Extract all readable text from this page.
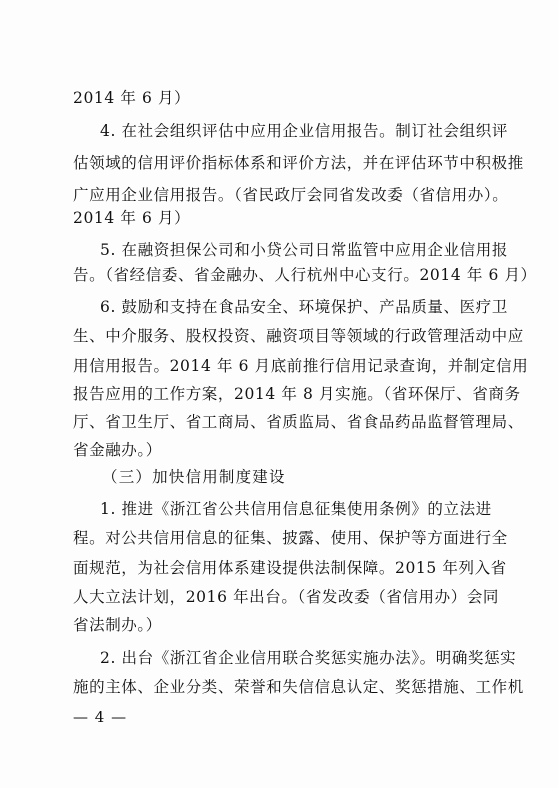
2014 年 6 月）
4. 在社会组织评估中应用企业信用报告。制订社会组织评
估领域的信用评价指标体系和评价方法，并在评估环节中积极推
广应用企业信用报告。（省民政厅会同省发改委（省信用办）。
2014 年 6 月）
5. 在融资担保公司和小贷公司日常监管中应用企业信用报
告。（省经信委、省金融办、人行杭州中心支行。2014 年 6 月）
6. 鼓励和支持在食品安全、环境保护、产品质量、医疗卫
生、中介服务、股权投资、融资项目等领域的行政管理活动中应
用信用报告。2014 年 6 月底前推行信用记录查询，并制定信用
报告应用的工作方案，2014 年 8 月实施。（省环保厅、省商务
厅、省卫生厅、省工商局、省质监局、省食品药品监督管理局、
省金融办。）
（三）加快信用制度建设
1. 推进《浙江省公共信用信息征集使用条例》的立法进
程。对公共信用信息的征集、披露、使用、保护等方面进行全
面规范，为社会信用体系建设提供法制保障。2015 年列入省
人大立法计划，2016 年出台。（省发改委（省信用办）会同
省法制办。）
2. 出台《浙江省企业信用联合奖惩实施办法》。明确奖惩实
施的主体、企业分类、荣誉和失信信息认定、奖惩措施、工作机
— 4 —
